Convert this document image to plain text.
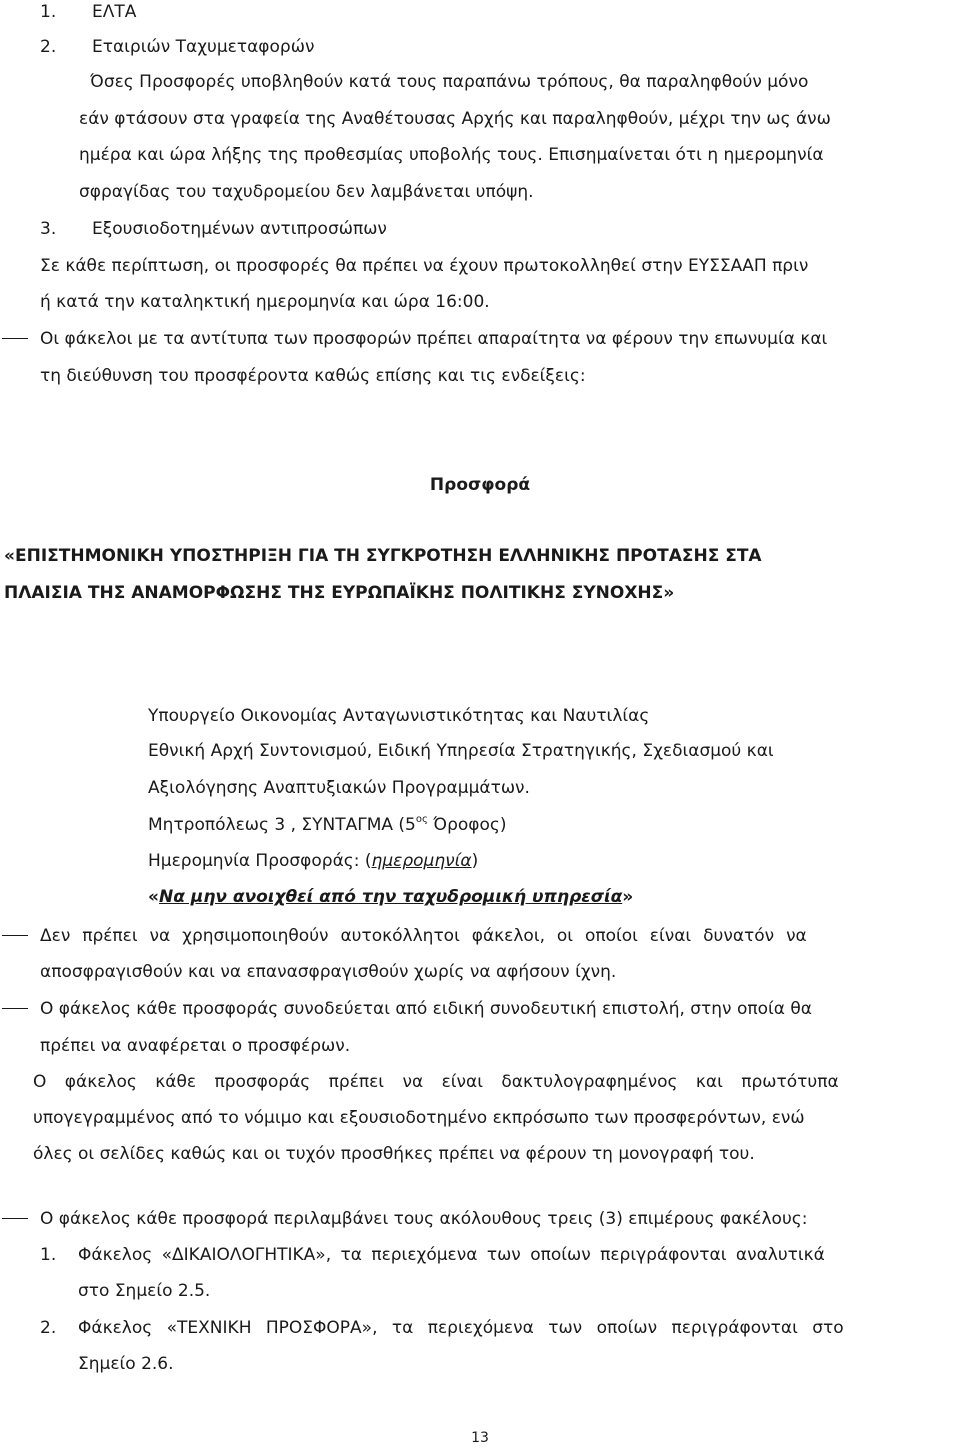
1. ΕΛΤΑ
2. Εταιριών Ταχυμεταφορών
Όσες Προσφορές υποβληθούν κατά τους παραπάνω τρόπους, θα παραληφθούν μόνο
εάν φτάσουν στα γραφεία της Αναθέτουσας Αρχής και παραληφθούν, μέχρι την ως άνω
ημέρα και ώρα λήξης της προθεσμίας υποβολής τους. Επισημαίνεται ότι η ημερομηνία
σφραγίδας του ταχυδρομείου δεν λαμβάνεται υπόψη.
3. Εξουσιοδοτημένων αντιπροσώπων
Σε κάθε περίπτωση, οι προσφορές θα πρέπει να έχουν πρωτοκολληθεί στην ΕΥΣΣΑΑΠ πριν
ή κατά την καταληκτική ημερομηνία και ώρα 16:00.
Οι φάκελοι με τα αντίτυπα των προσφορών πρέπει απαραίτητα να φέρουν την επωνυμία και
τη διεύθυνση του προσφέροντα καθώς επίσης και τις ενδείξεις:
Προσφορά
«ΕΠΙΣΤΗΜΟΝΙΚΗ ΥΠΟΣΤΗΡΙΞΗ ΓΙΑ ΤΗ ΣΥΓΚΡΟΤΗΣΗ ΕΛΛΗΝΙΚΗΣ ΠΡΟΤΑΣΗΣ ΣΤΑ
ΠΛΑΙΣΙΑ ΤΗΣ ΑΝΑΜΟΡΦΩΣΗΣ ΤΗΣ ΕΥΡΩΠΑΪΚΗΣ ΠΟΛΙΤΙΚΗΣ ΣΥΝΟΧΗΣ»
Υπουργείο Οικονομίας Ανταγωνιστικότητας και Ναυτιλίας
Εθνική Αρχή Συντονισμού, Ειδική Υπηρεσία Στρατηγικής, Σχεδιασμού και
Αξιολόγησης Αναπτυξιακών Προγραμμάτων.
Μητροπόλεως 3 , ΣΥΝΤΑΓΜΑ ($5^{o\varsigma}$ Όροφος)
Ημερομηνία Προσφοράς: (ημερομηνία)
«Να μην ανοιχθεί από την ταχυδρομική υπηρεσία»
Δεν πρέπει να χρησιμοποιηθούν αυτοκόλλητοι φάκελοι, οι οποίοι είναι δυνατόν να
αποσφραγισθούν και να επανασφραγισθούν χωρίς να αφήσουν ίχνη.
Ο φάκελος κάθε προσφοράς συνοδεύεται από ειδική συνοδευτική επιστολή, στην οποία θα
πρέπει να αναφέρεται ο προσφέρων.
Ο φάκελος κάθε προσφοράς πρέπει να είναι δακτυλογραφημένος και πρωτότυπα
υπογεγραμμένος από το νόμιμο και εξουσιοδοτημένο εκπρόσωπο των προσφερόντων, ενώ
όλες οι σελίδες καθώς και οι τυχόν προσθήκες πρέπει να φέρουν τη μονογραφή του.
Ο φάκελος κάθε προσφορά περιλαμβάνει τους ακόλουθους τρεις (3) επιμέρους φακέλους:
1. Φάκελος «ΔΙΚΑΙΟΛΟΓΗΤΙΚΑ», τα περιεχόμενα των οποίων περιγράφονται αναλυτικά
στο Σημείο 2.5.
2. Φάκελος «ΤΕΧΝΙΚΗ ΠΡΟΣΦΟΡΑ», τα περιεχόμενα των οποίων περιγράφονται στο
Σημείο 2.6.
13
